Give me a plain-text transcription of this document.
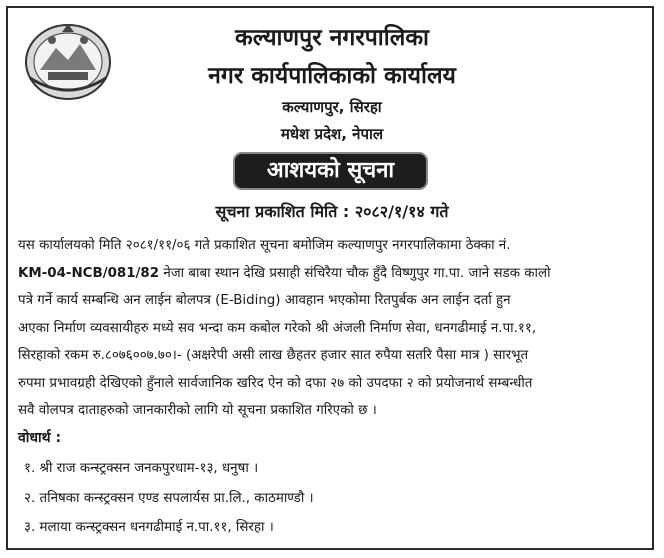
कल्याणपुर नगरपालिका
नगर कार्यपालिकाको कार्यालय
कल्याणपुर, सिरहा
मधेश प्रदेश, नेपाल
आशयको सूचना
सूचना प्रकाशित मिति : २०८२/१/१४ गते
यस कार्यालयको मिति २०८१/११/०६ गते प्रकाशित सूचना बमोजिम कल्याणपुर नगरपालिकामा ठेक्का नं.
KM-04-NCB/081/82 नेजा बाबा स्थान देखि प्रसाही संचिरैया चौक हुँदै विष्णुपुर गा.पा. जाने सडक कालो
पत्रे गर्ने कार्य सम्बन्धि अन लाईन बोलपत्र (E-Biding) आवहान भएकोमा रितपुर्बक अन लाईन दर्ता हुन
अएका निर्माण व्यवसायीहरु मध्ये सव भन्दा कम कबोल गरेको श्री अंजली निर्माण सेवा, धनगढीमाई न.पा.११,
सिरहाको रकम रु.८०७६००७.७०।- (अक्षरेपी असी लाख छैहतर हजार सात रुपैया सतरि पैसा मात्र ) सारभूत
रुपमा प्रभावग्रही देखिएको हुँनाले सार्वजानिक खरिद ऐन को दफा २७ को उपदफा २ को प्रयोजनार्थ सम्बन्धीत
सवै वोलपत्र दाताहरुको जानकारीको लागि यो सूचना प्रकाशित गरिएको छ ।
वोधार्थ :
१. श्री राज कन्स्ट्रक्सन जनकपुरधाम-१३, धनुषा ।
२. तनिषका कन्स्ट्रक्सन एण्ड सपलार्यस प्रा.लि., काठमाण्डौ ।
३. मलाया कन्स्ट्रक्सन धनगढीमाई न.पा.११, सिरहा ।
